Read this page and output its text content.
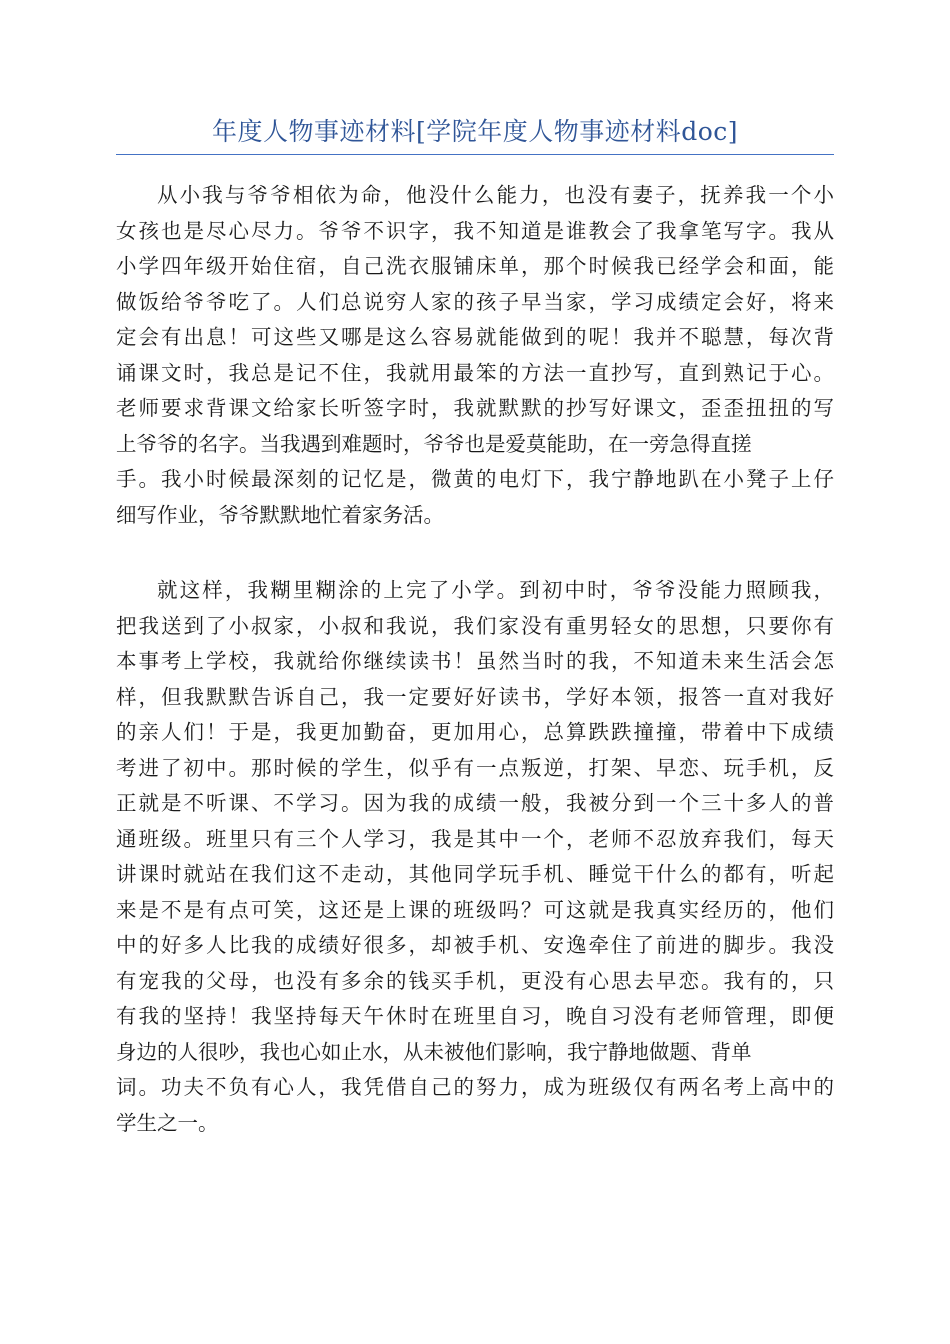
年度人物事迹材料[学院年度人物事迹材料doc]
从小我与爷爷相依为命，他没什么能力，也没有妻子，抚养我一个小
女孩也是尽心尽力。爷爷不识字，我不知道是谁教会了我拿笔写字。我从
小学四年级开始住宿，自己洗衣服铺床单，那个时候我已经学会和面，能
做饭给爷爷吃了。人们总说穷人家的孩子早当家，学习成绩定会好，将来
定会有出息！可这些又哪是这么容易就能做到的呢！我并不聪慧，每次背
诵课文时，我总是记不住，我就用最笨的方法一直抄写，直到熟记于心。
老师要求背课文给家长听签字时，我就默默的抄写好课文，歪歪扭扭的写
上爷爷的名字。当我遇到难题时，爷爷也是爱莫能助，在一旁急得直搓
手。我小时候最深刻的记忆是，微黄的电灯下，我宁静地趴在小凳子上仔
细写作业，爷爷默默地忙着家务活。
就这样，我糊里糊涂的上完了小学。到初中时，爷爷没能力照顾我，
把我送到了小叔家，小叔和我说，我们家没有重男轻女的思想，只要你有
本事考上学校，我就给你继续读书！虽然当时的我，不知道未来生活会怎
样，但我默默告诉自己，我一定要好好读书，学好本领，报答一直对我好
的亲人们！于是，我更加勤奋，更加用心，总算跌跌撞撞，带着中下成绩
考进了初中。那时候的学生，似乎有一点叛逆，打架、早恋、玩手机，反
正就是不听课、不学习。因为我的成绩一般，我被分到一个三十多人的普
通班级。班里只有三个人学习，我是其中一个，老师不忍放弃我们，每天
讲课时就站在我们这不走动，其他同学玩手机、睡觉干什么的都有，听起
来是不是有点可笑，这还是上课的班级吗？可这就是我真实经历的，他们
中的好多人比我的成绩好很多，却被手机、安逸牵住了前进的脚步。我没
有宠我的父母，也没有多余的钱买手机，更没有心思去早恋。我有的，只
有我的坚持！我坚持每天午休时在班里自习，晚自习没有老师管理，即便
身边的人很吵，我也心如止水，从未被他们影响，我宁静地做题、背单
词。功夫不负有心人，我凭借自己的努力，成为班级仅有两名考上高中的
学生之一。
